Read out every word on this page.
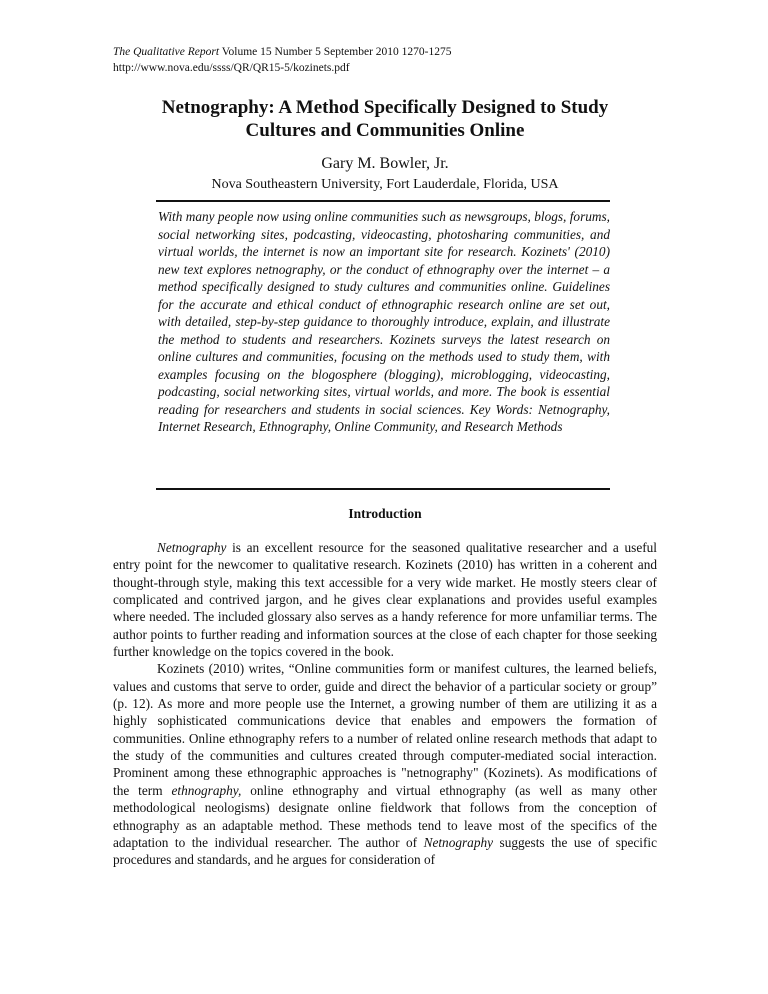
The Qualitative Report Volume 15 Number 5 September 2010 1270-1275
http://www.nova.edu/ssss/QR/QR15-5/kozinets.pdf
Netnography: A Method Specifically Designed to Study
Cultures and Communities Online
Gary M. Bowler, Jr.
Nova Southeastern University, Fort Lauderdale, Florida, USA
With many people now using online communities such as newsgroups, blogs, forums, social networking sites, podcasting, videocasting, photosharing communities, and virtual worlds, the internet is now an important site for research. Kozinets' (2010) new text explores netnography, or the conduct of ethnography over the internet – a method specifically designed to study cultures and communities online. Guidelines for the accurate and ethical conduct of ethnographic research online are set out, with detailed, step-by-step guidance to thoroughly introduce, explain, and illustrate the method to students and researchers. Kozinets surveys the latest research on online cultures and communities, focusing on the methods used to study them, with examples focusing on the blogosphere (blogging), microblogging, videocasting, podcasting, social networking sites, virtual worlds, and more. The book is essential reading for researchers and students in social sciences. Key Words: Netnography, Internet Research, Ethnography, Online Community, and Research Methods
Introduction

Netnography is an excellent resource for the seasoned qualitative researcher and a useful entry point for the newcomer to qualitative research. Kozinets (2010) has written in a coherent and thought-through style, making this text accessible for a very wide market. He mostly steers clear of complicated and contrived jargon, and he gives clear explanations and provides useful examples where needed. The included glossary also serves as a handy reference for more unfamiliar terms. The author points to further reading and information sources at the close of each chapter for those seeking further knowledge on the topics covered in the book.

Kozinets (2010) writes, “Online communities form or manifest cultures, the learned beliefs, values and customs that serve to order, guide and direct the behavior of a particular society or group” (p. 12). As more and more people use the Internet, a growing number of them are utilizing it as a highly sophisticated communications device that enables and empowers the formation of communities. Online ethnography refers to a number of related online research methods that adapt to the study of the communities and cultures created through computer-mediated social interaction. Prominent among these ethnographic approaches is "netnography" (Kozinets). As modifications of the term ethnography, online ethnography and virtual ethnography (as well as many other methodological neologisms) designate online fieldwork that follows from the conception of ethnography as an adaptable method. These methods tend to leave most of the specifics of the adaptation to the individual researcher. The author of Netnography suggests the use of specific procedures and standards, and he argues for consideration of
